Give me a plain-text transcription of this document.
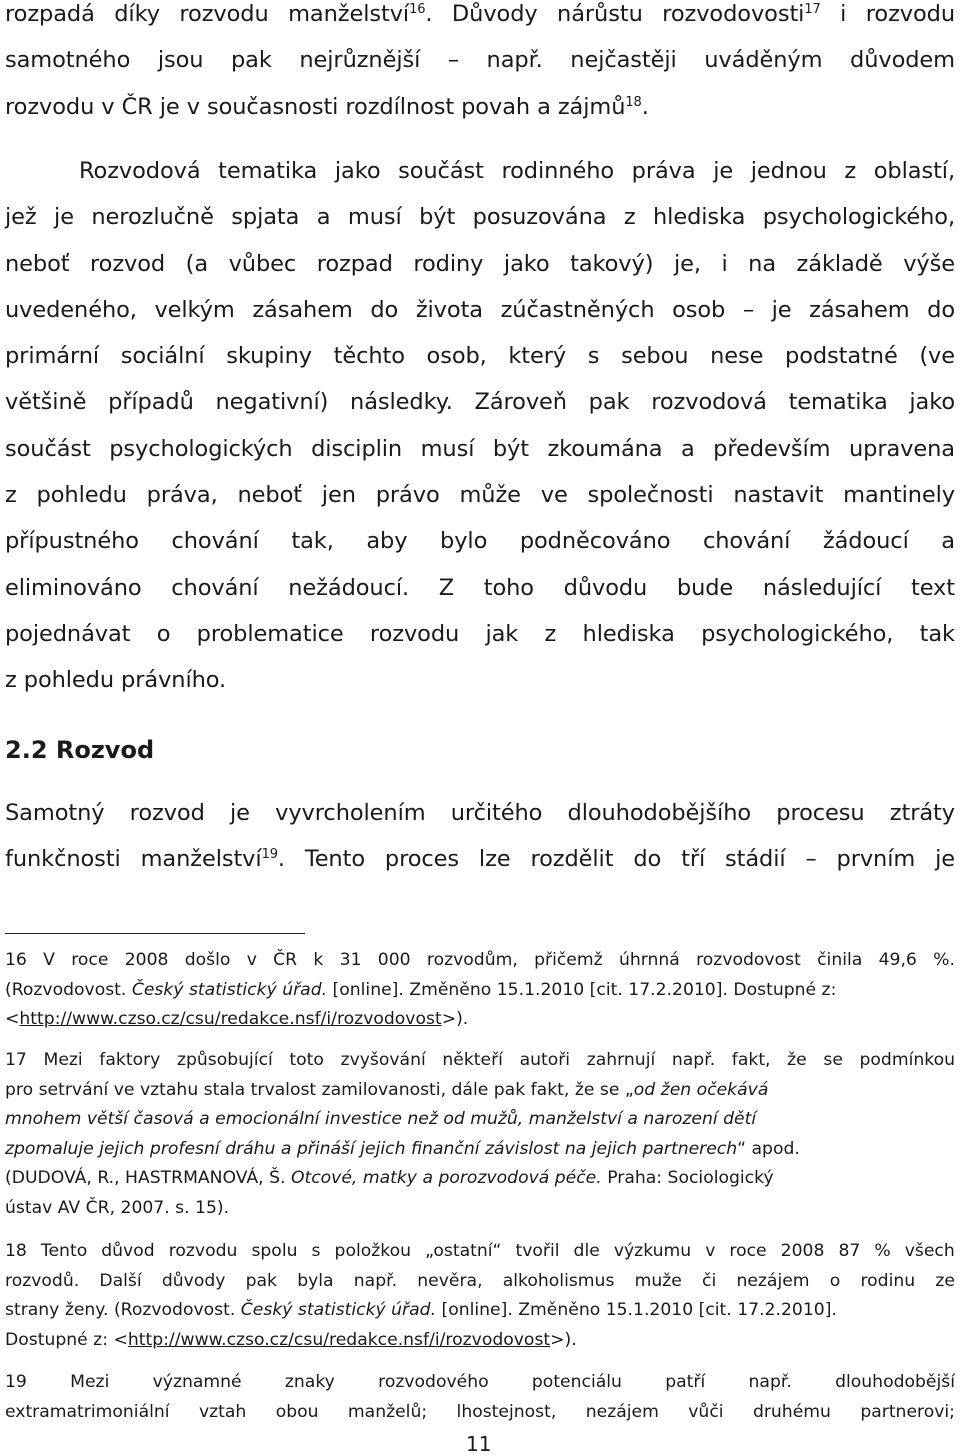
rozpadá díky rozvodu manželství$^{16}$. Důvody nárůstu rozvodovosti$^{17}$ i rozvodu
samotného jsou pak nejrůznější – např. nejčastěji uváděným důvodem
rozvodu v ČR je v současnosti rozdílnost povah a zájmů$^{18}$.
Rozvodová tematika jako součást rodinného práva je jednou z oblastí,
jež je nerozlučně spjata a musí být posuzována z hlediska psychologického,
neboť rozvod (a vůbec rozpad rodiny jako takový) je, i na základě výše
uvedeného, velkým zásahem do života zúčastněných osob – je zásahem do
primární sociální skupiny těchto osob, který s sebou nese podstatné (ve
většině případů negativní) následky. Zároveň pak rozvodová tematika jako
součást psychologických disciplin musí být zkoumána a především upravena
z pohledu práva, neboť jen právo může ve společnosti nastavit mantinely
přípustného chování tak, aby bylo podněcováno chování žádoucí a
eliminováno chování nežádoucí. Z toho důvodu bude následující text
pojednávat o problematice rozvodu jak z hlediska psychologického, tak
z pohledu právního.
2.2 Rozvod
Samotný rozvod je vyvrcholením určitého dlouhodobějšího procesu ztráty
funkčnosti manželství$^{19}$. Tento proces lze rozdělit do tří stádií – prvním je
16 V roce 2008 došlo v ČR k 31 000 rozvodům, přičemž úhrnná rozvodovost činila 49,6 %.
(Rozvodovost. Český statistický úřad. [online]. Změněno 15.1.2010 [cit. 17.2.2010]. Dostupné z:
< http://www.czso.cz/csu/redakce.nsf/i/rozvodovost >).
17 Mezi faktory způsobující toto zvyšování někteří autoři zahrnují např. fakt, že se podmínkou
pro setrvání ve vztahu stala trvalost zamilovanosti, dále pak fakt, že se „od žen očekává
mnohem větší časová a emocionální investice než od mužů, manželství a narození dětí
zpomaluje jejich profesní dráhu a přináší jejich finanční závislost na jejich partnerech“ apod.
(DUDOVÁ, R., HASTRMANOVÁ, Š. Otcové, matky a porozvodová péče. Praha: Sociologický
ústav AV ČR, 2007. s. 15).
18 Tento důvod rozvodu spolu s položkou „ostatní“ tvořil dle výzkumu v roce 2008 87 % všech
rozvodů. Další důvody pak byla např. nevěra, alkoholismus muže či nezájem o rodinu ze
strany ženy. (Rozvodovost. Český statistický úřad. [online]. Změněno 15.1.2010 [cit. 17.2.2010].
Dostupné z: < http://www.czso.cz/csu/redakce.nsf/i/rozvodovost >).
19	Mezi	významné	znaky	rozvodového	potenciálu	patří	např.	dlouhodobější
extramatrimoniální vztah obou manželů; lhostejnost, nezájem vůči druhému partnerovi;
11
